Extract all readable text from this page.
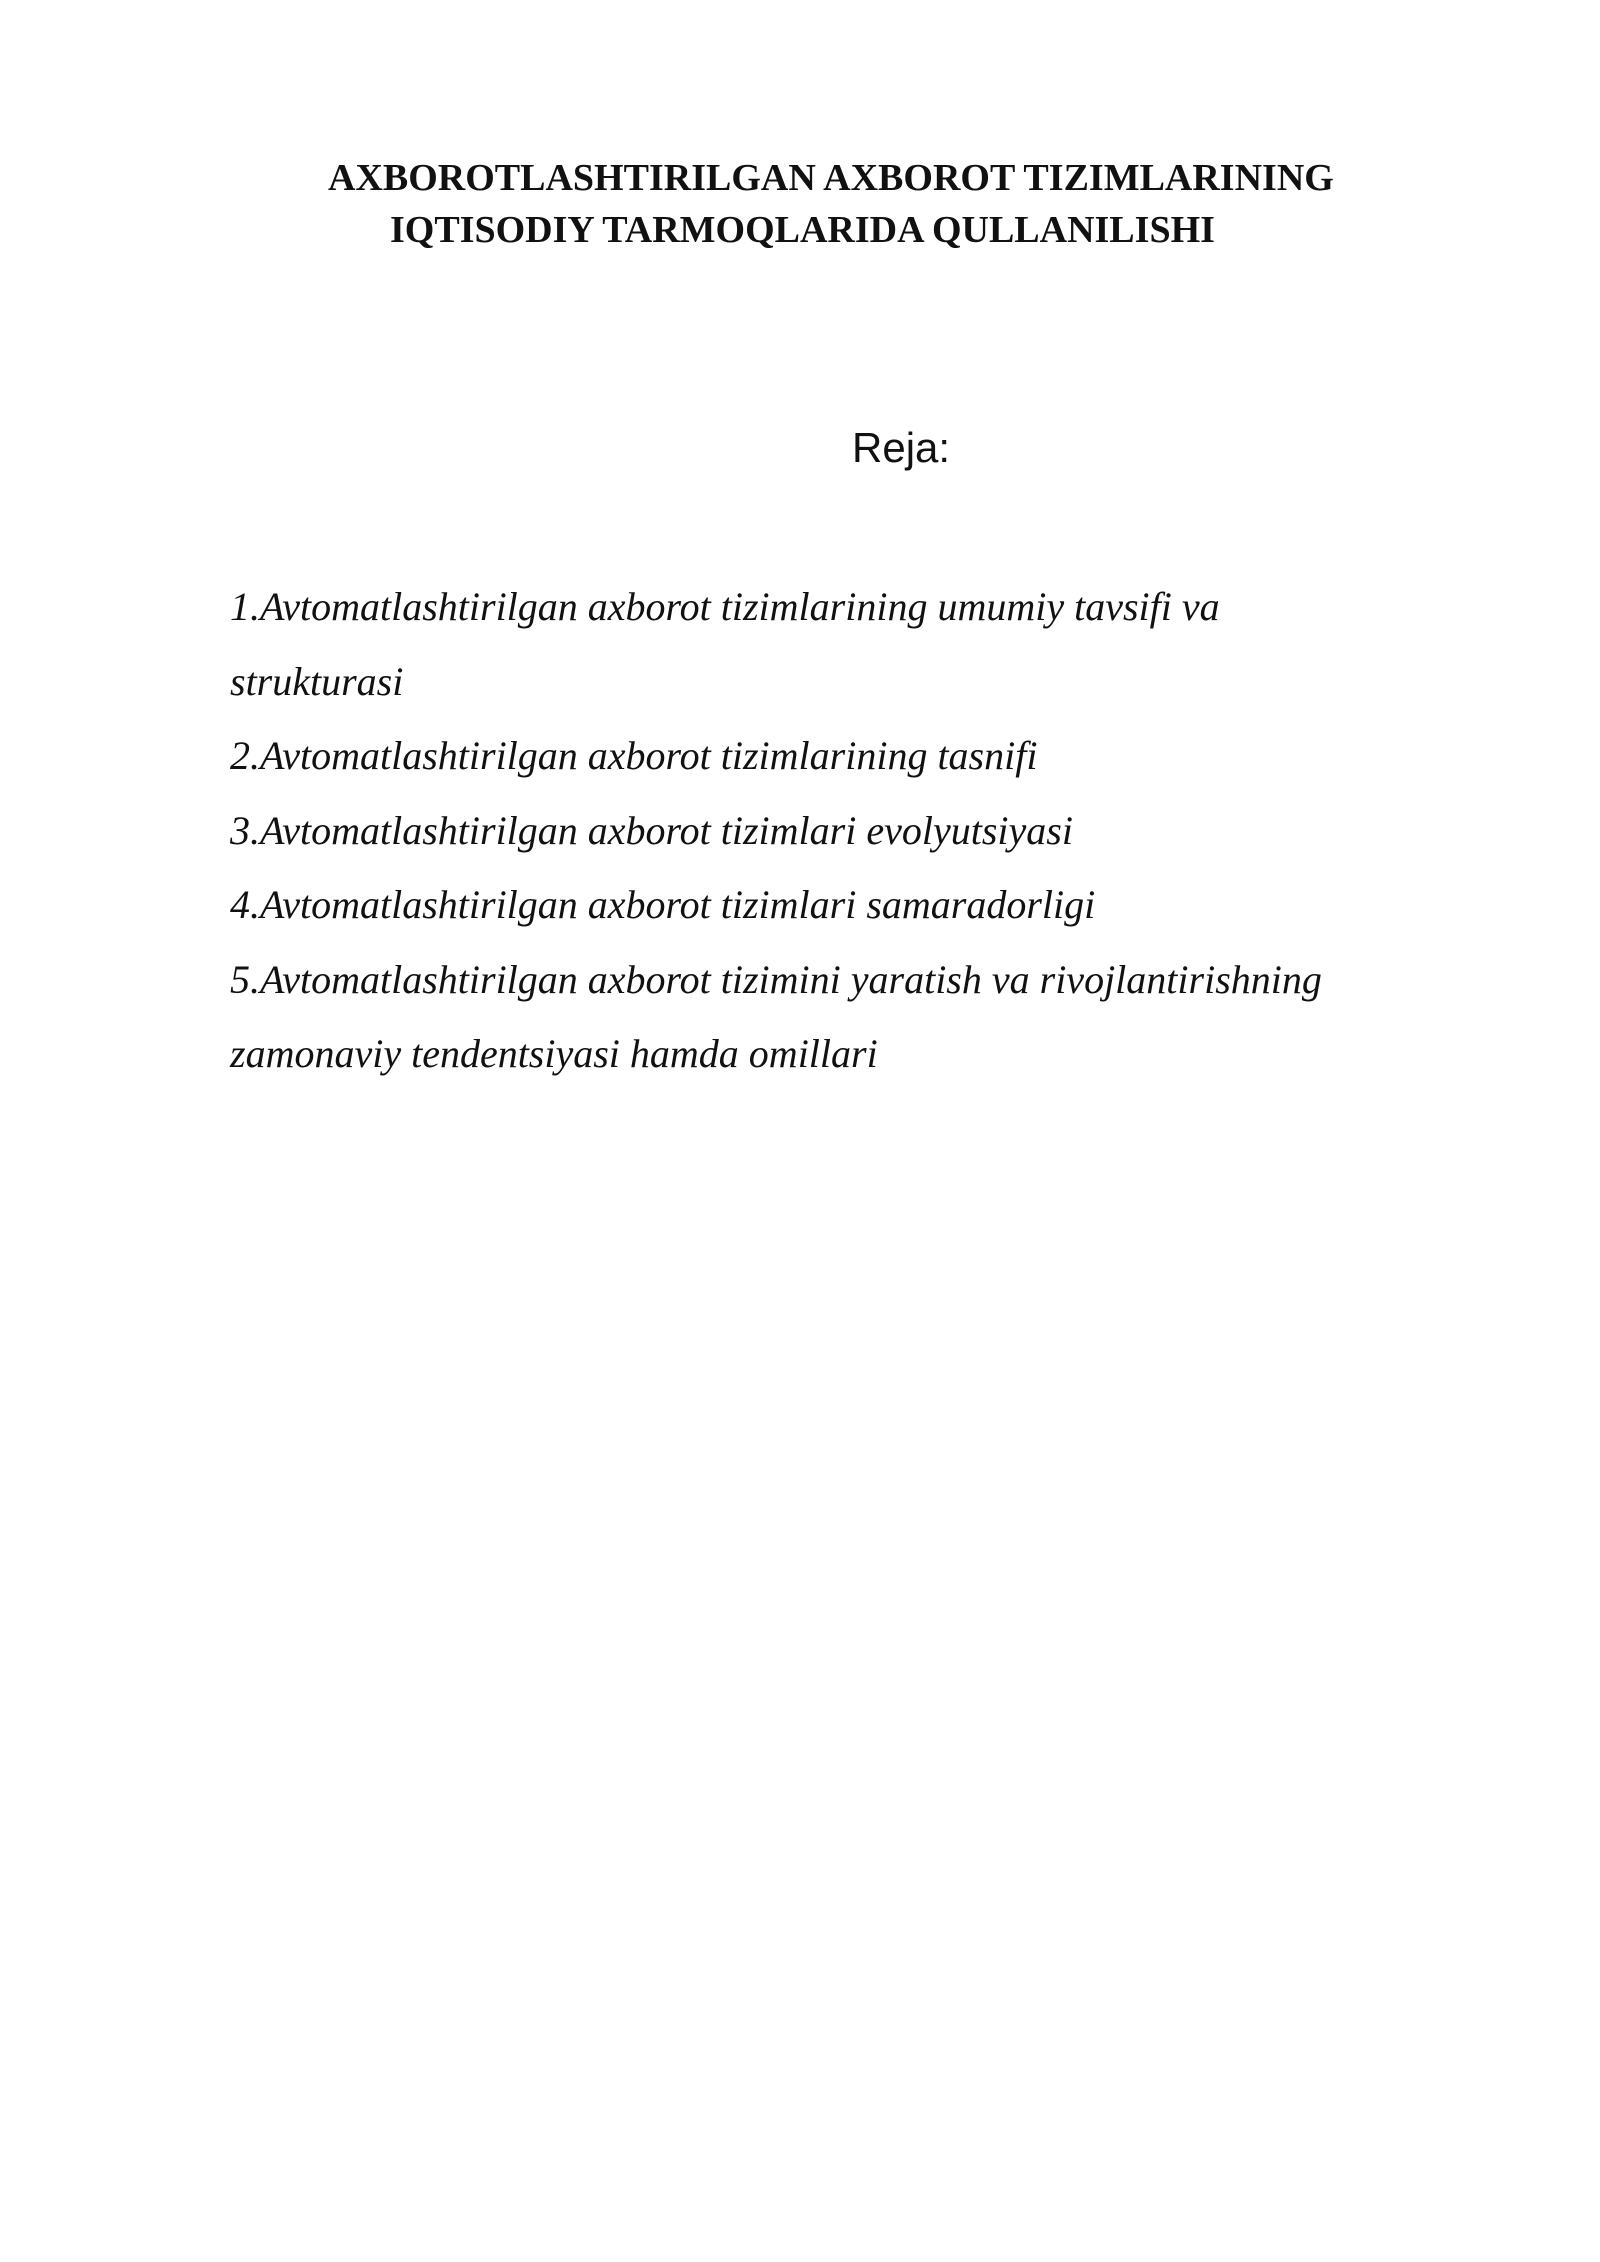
AXBOROTLASHTIRILGAN AXBOROT TIZIMLARINING
IQTISODIY TARMOQLARIDA QULLANILISHI
Reja:
1.Avtomatlashtirilgan axborot tizimlarining umumiy tavsifi va strukturasi
2.Avtomatlashtirilgan axborot tizimlarining tasnifi
3.Avtomatlashtirilgan axborot tizimlari evolyutsiyasi
4.Avtomatlashtirilgan axborot tizimlari samaradorligi
5.Avtomatlashtirilgan axborot tizimini yaratish va rivojlantirishning zamonaviy tendentsiyasi hamda omillari
